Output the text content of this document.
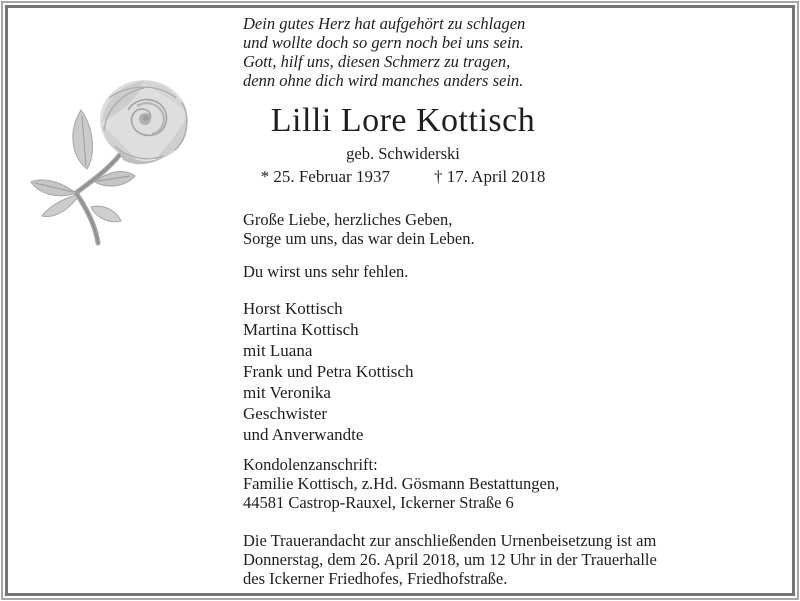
Dein gutes Herz hat aufgehört zu schlagen
und wollte doch so gern noch bei uns sein.
Gott, hilf uns, diesen Schmerz zu tragen,
denn ohne dich wird manches anders sein.
Lilli Lore Kottisch
geb. Schwiderski
* 25. Februar 1937	† 17. April 2018
Große Liebe, herzliches Geben,
Sorge um uns, das war dein Leben.
Du wirst uns sehr fehlen.
Horst Kottisch
Martina Kottisch
mit Luana
Frank und Petra Kottisch
mit Veronika
Geschwister
und Anverwandte
Kondolenzanschrift:
Familie Kottisch, z.Hd. Gösmann Bestattungen,
44581 Castrop-Rauxel, Ickerner Straße 6
Die Trauerandacht zur anschließenden Urnenbeisetzung ist am
Donnerstag, dem 26. April 2018, um 12 Uhr in der Trauerhalle
des Ickerner Friedhofes, Friedhofstraße.
